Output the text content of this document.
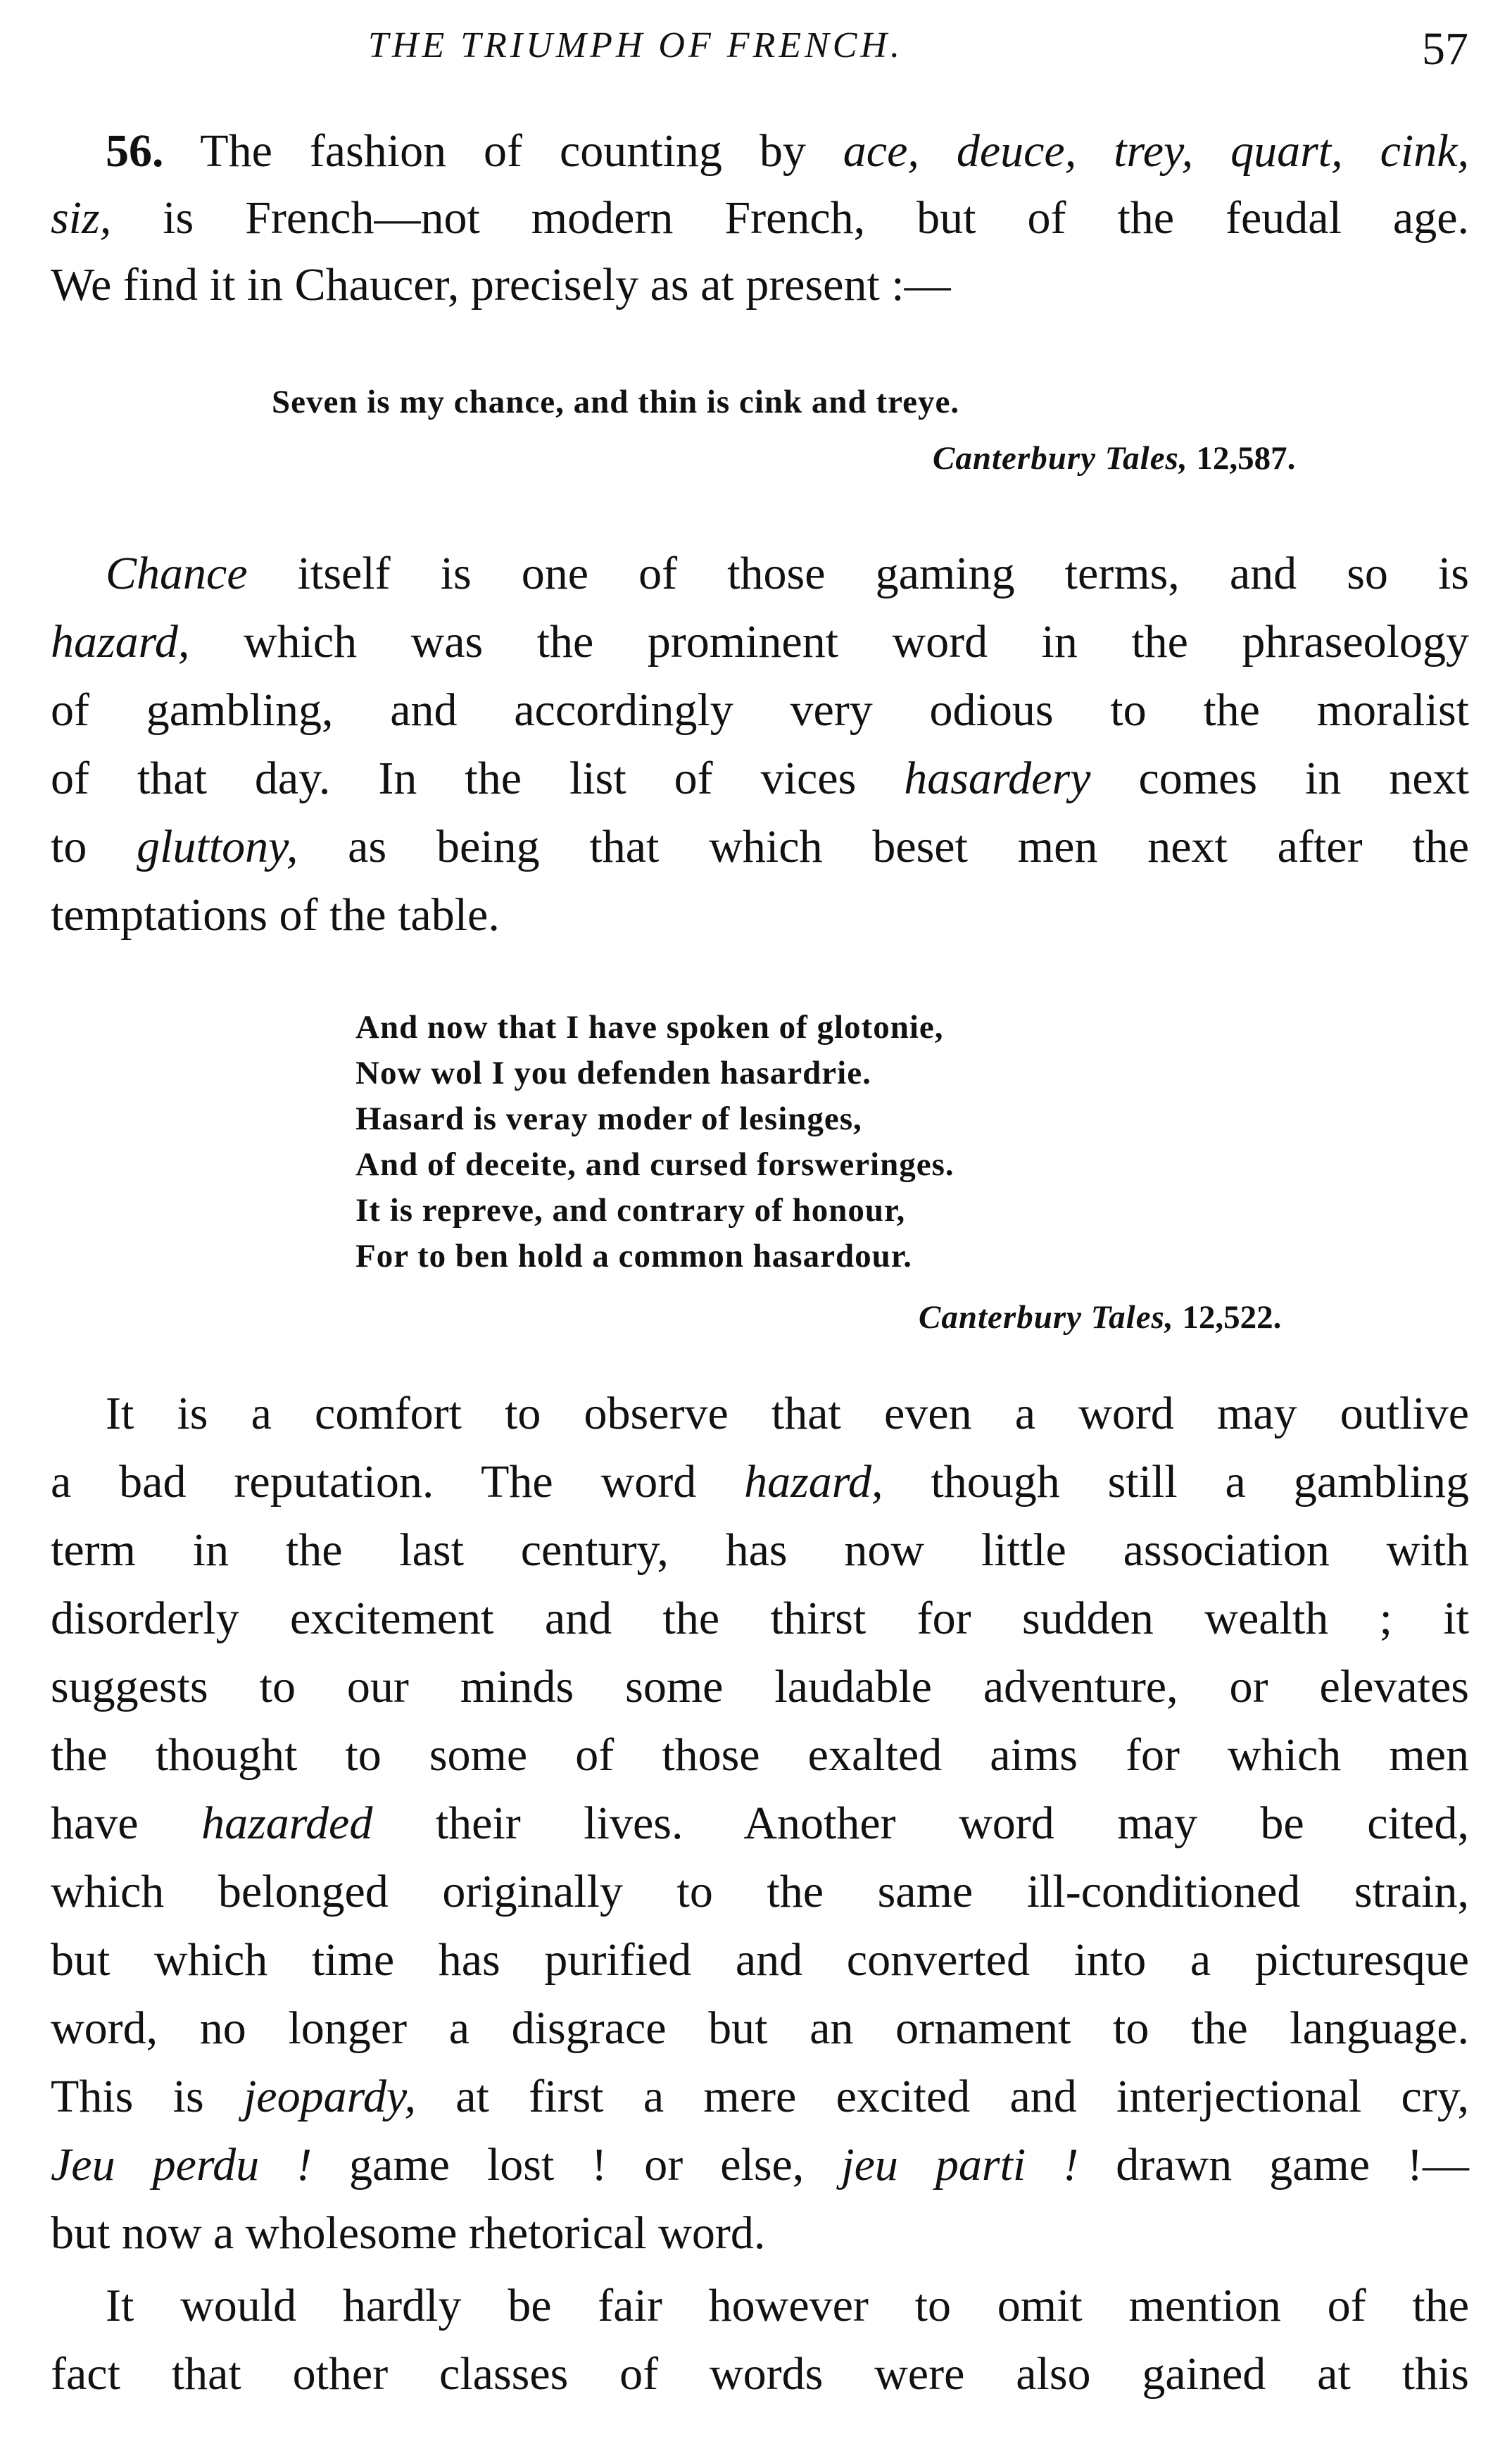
THE TRIUMPH OF FRENCH.	57
56. The fashion of counting by ace, deuce, trey, quart, cink,
siz, is French—not modern French, but of the feudal age.
We find it in Chaucer, precisely as at present :—
Seven is my chance, and thin is cink and treye.
Canterbury Tales, 12,587.
Chance itself is one of those gaming terms, and so is
hazard, which was the prominent word in the phraseology
of gambling, and accordingly very odious to the moralist
of that day. In the list of vices hasardery comes in next
to gluttony, as being that which beset men next after the
temptations of the table.
And now that I have spoken of glotonie,
Now wol I you defenden hasardrie.
Hasard is veray moder of lesinges,
And of deceite, and cursed forsweringes.
It is repreve, and contrary of honour,
For to ben hold a common hasardour.
Canterbury Tales, 12,522.
It is a comfort to observe that even a word may outlive
a bad reputation. The word hazard, though still a gambling
term in the last century, has now little association with
disorderly excitement and the thirst for sudden wealth ; it
suggests to our minds some laudable adventure, or elevates
the thought to some of those exalted aims for which men
have hazarded their lives. Another word may be cited,
which belonged originally to the same ill-conditioned strain,
but which time has purified and converted into a picturesque
word, no longer a disgrace but an ornament to the language.
This is jeopardy, at first a mere excited and interjectional cry,
Jeu perdu ! game lost ! or else, jeu parti ! drawn game !—
but now a wholesome rhetorical word.
It would hardly be fair however to omit mention of the
fact that other classes of words were also gained at this
